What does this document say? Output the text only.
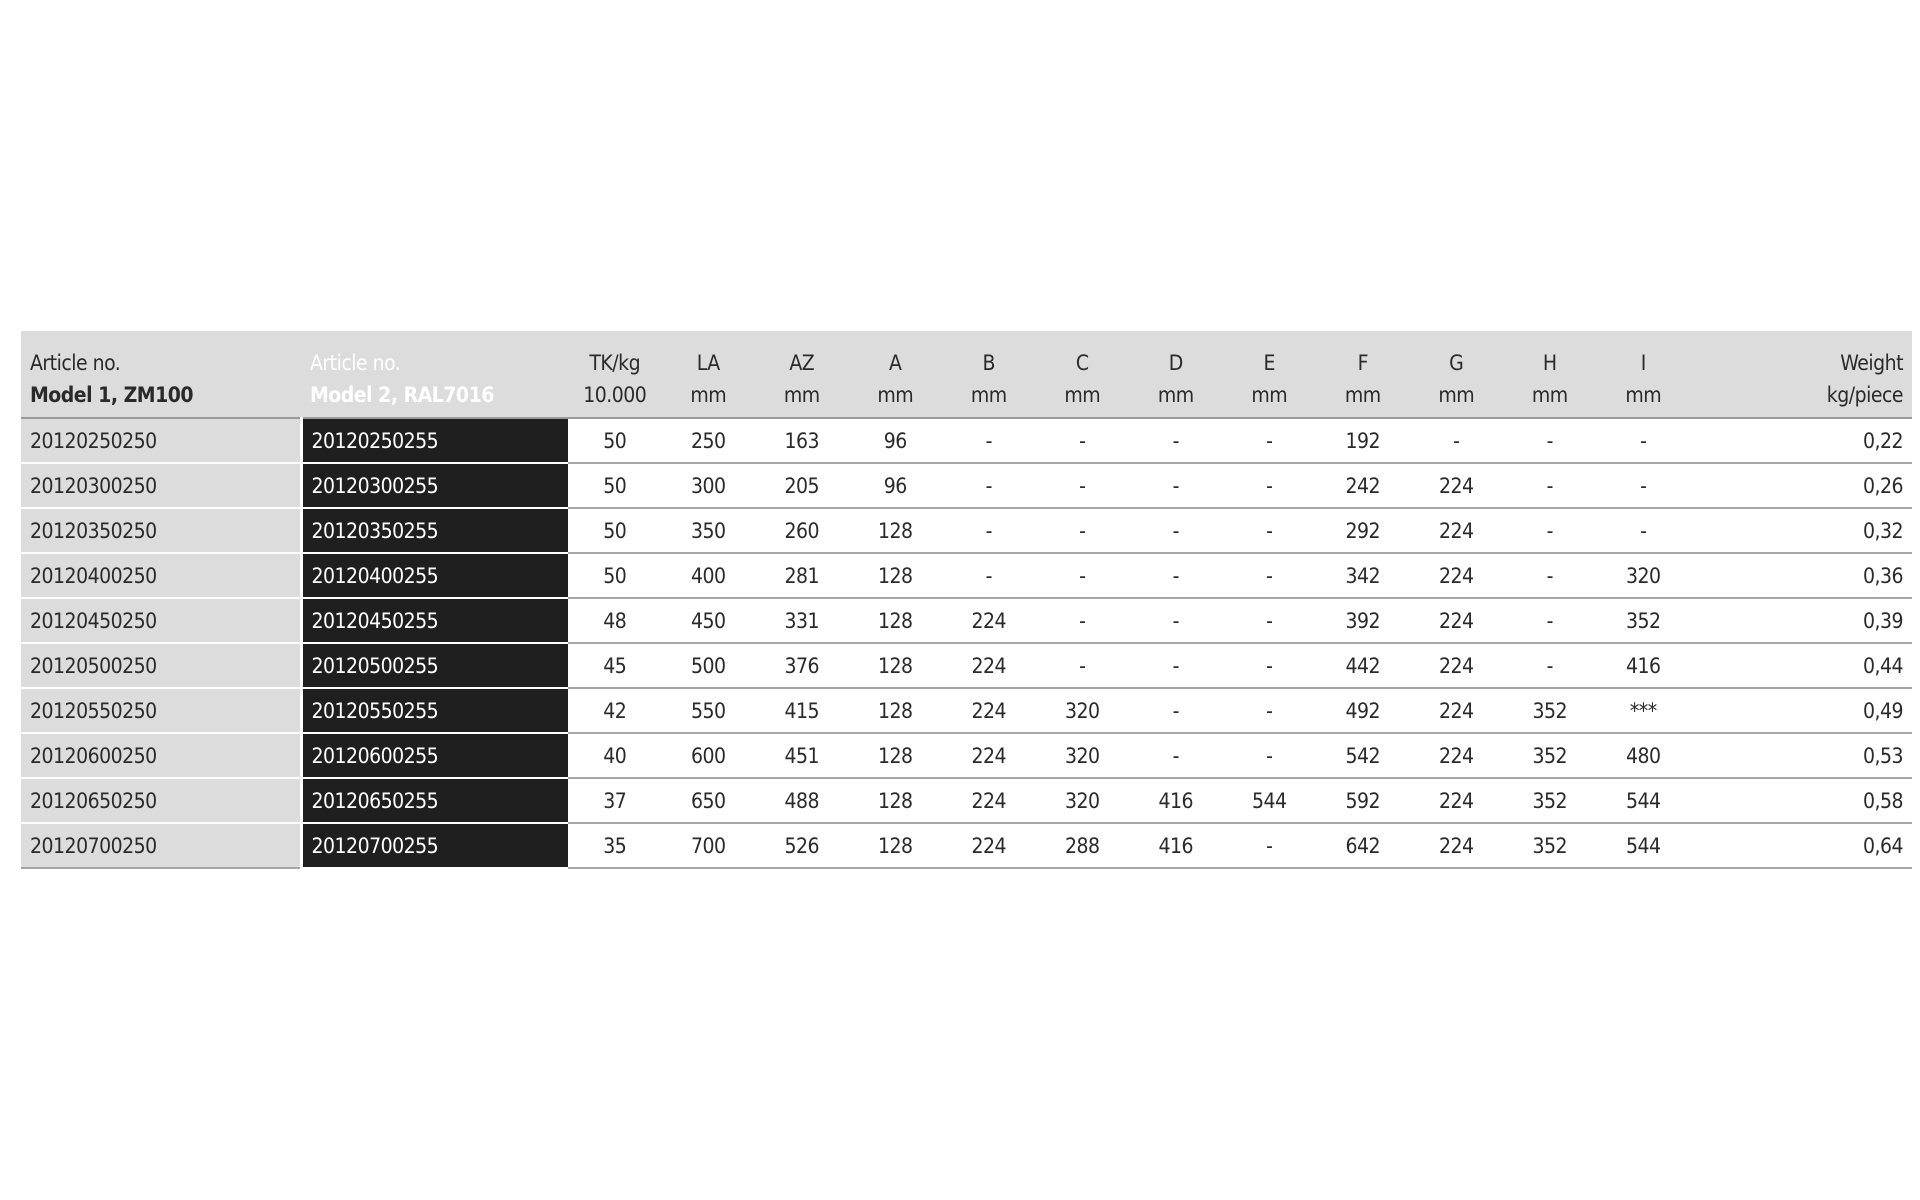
Article no.	Article no.	TK/kg	LA	AZ	A	B	C	D	E	F	G	H	I	Weight
Model 1, ZM100	Model 2, RAL7016	10.000	mm	mm	mm	mm	mm	mm	mm	mm	mm	mm	mm	kg/piece
20120250250	20120250255	50	250	163	96	-	-	-	-	192	-	-	-	0,22
20120300250	20120300255	50	300	205	96	-	-	-	-	242	224	-	-	0,26
20120350250	20120350255	50	350	260	128	-	-	-	-	292	224	-	-	0,32
20120400250	20120400255	50	400	281	128	-	-	-	-	342	224	-	320	0,36
20120450250	20120450255	48	450	331	128	224	-	-	-	392	224	-	352	0,39
20120500250	20120500255	45	500	376	128	224	-	-	-	442	224	-	416	0,44
20120550250	20120550255	42	550	415	128	224	320	-	-	492	224	352	***	0,49
20120600250	20120600255	40	600	451	128	224	320	-	-	542	224	352	480	0,53
20120650250	20120650255	37	650	488	128	224	320	416	544	592	224	352	544	0,58
20120700250	20120700255	35	700	526	128	224	288	416	-	642	224	352	544	0,64
